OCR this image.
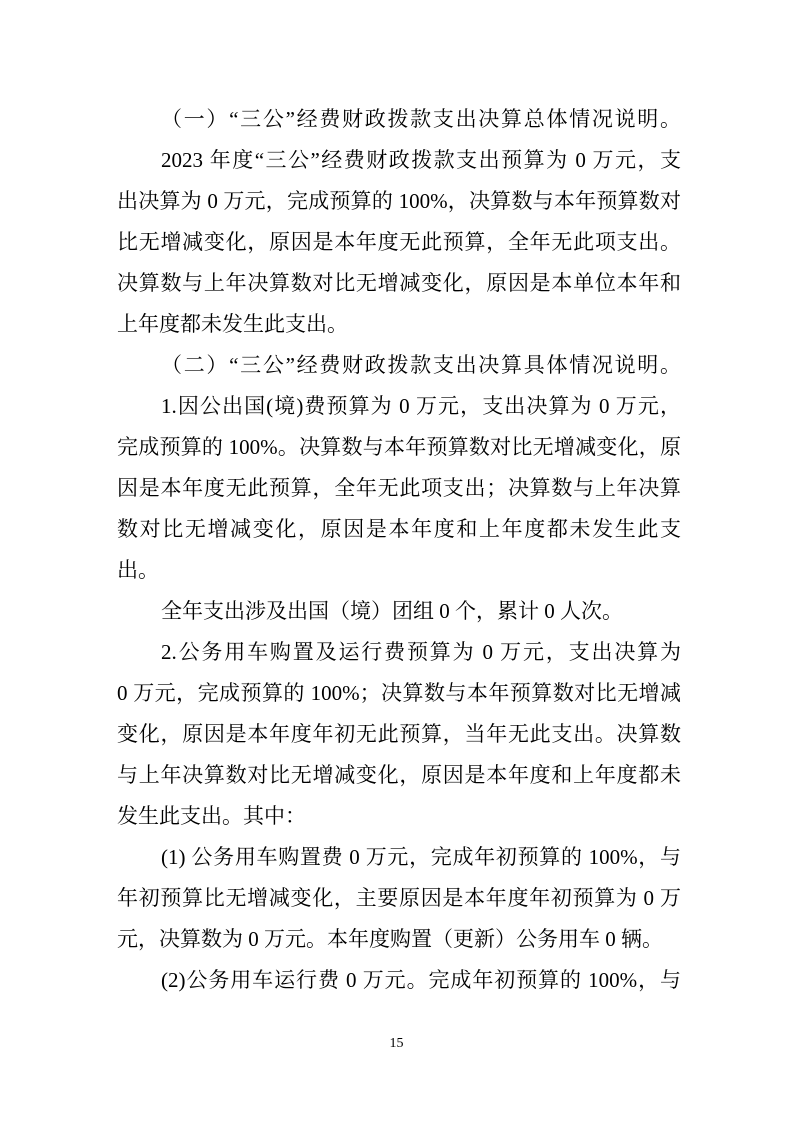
（一）“三公”经费财政拨款支出决算总体情况说明。
2023 年度“三公”经费财政拨款支出预算为 0 万元，支
出决算为 0 万元，完成预算的 100%，决算数与本年预算数对
比无增减变化，原因是本年度无此预算，全年无此项支出。
决算数与上年决算数对比无增减变化，原因是本单位本年和
上年度都未发生此支出。
（二）“三公”经费财政拨款支出决算具体情况说明。
1.因公出国(境)费预算为 0 万元，支出决算为 0 万元，
完成预算的 100%。决算数与本年预算数对比无增减变化，原
因是本年度无此预算，全年无此项支出；决算数与上年决算
数对比无增减变化，原因是本年度和上年度都未发生此支
出。
全年支出涉及出国（境）团组 0 个，累计 0 人次。
2.公务用车购置及运行费预算为 0 万元，支出决算为
0 万元，完成预算的 100%；决算数与本年预算数对比无增减
变化，原因是本年度年初无此预算，当年无此支出。决算数
与上年决算数对比无增减变化，原因是本年度和上年度都未
发生此支出。其中：
(1) 公务用车购置费 0 万元，完成年初预算的 100%，与
年初预算比无增减变化，主要原因是本年度年初预算为 0 万
元，决算数为 0 万元。本年度购置（更新）公务用车 0 辆。
(2)公务用车运行费 0 万元。完成年初预算的 100%，与
15
